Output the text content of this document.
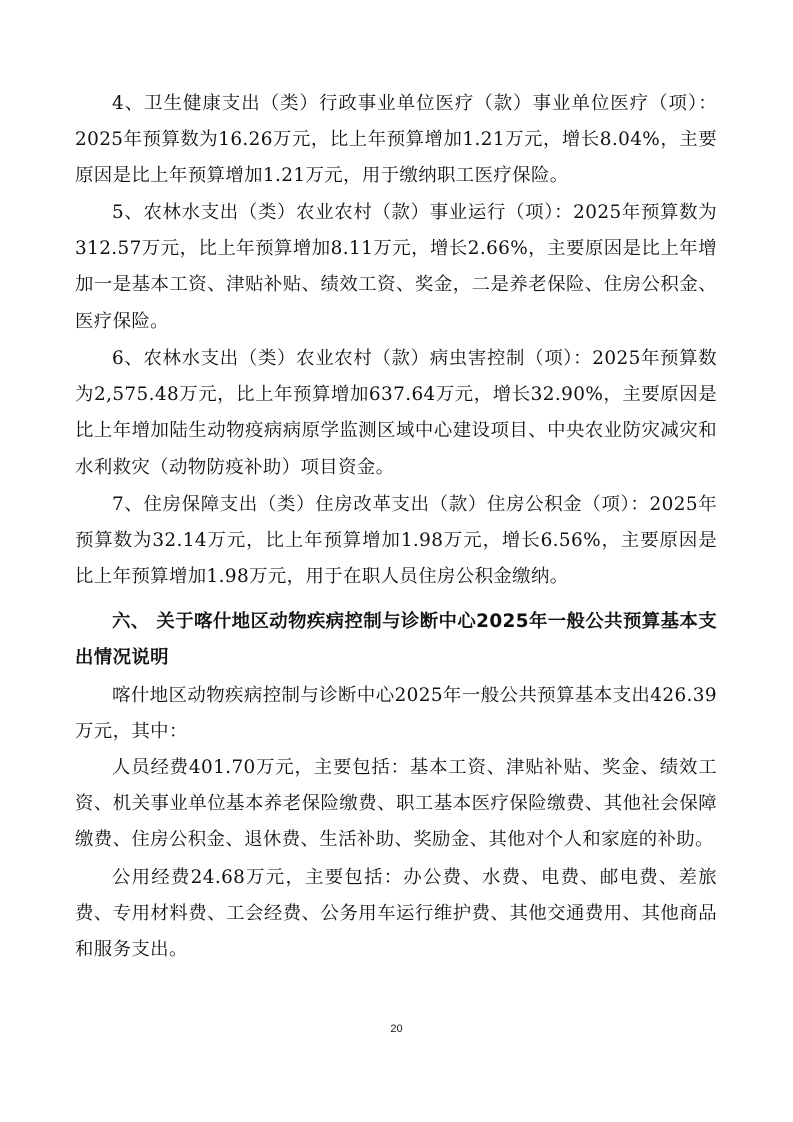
4、卫生健康支出（类）行政事业单位医疗（款）事业单位医疗（项）：2025年预算数为16.26万元，比上年预算增加1.21万元，增长8.04%，主要原因是比上年预算增加1.21万元，用于缴纳职工医疗保险。

5、农林水支出（类）农业农村（款）事业运行（项）：2025年预算数为312.57万元，比上年预算增加8.11万元，增长2.66%，主要原因是比上年增加一是基本工资、津贴补贴、绩效工资、奖金，二是养老保险、住房公积金、医疗保险。

6、农林水支出（类）农业农村（款）病虫害控制（项）：2025年预算数为2,575.48万元，比上年预算增加637.64万元，增长32.90%，主要原因是比上年增加陆生动物疫病病原学监测区域中心建设项目、中央农业防灾减灾和水利救灾（动物防疫补助）项目资金。

7、住房保障支出（类）住房改革支出（款）住房公积金（项）：2025年预算数为32.14万元，比上年预算增加1.98万元，增长6.56%，主要原因是比上年预算增加1.98万元，用于在职人员住房公积金缴纳。

六、 关于喀什地区动物疾病控制与诊断中心2025年一般公共预算基本支出情况说明

喀什地区动物疾病控制与诊断中心2025年一般公共预算基本支出426.39万元，其中：

人员经费401.70万元，主要包括：基本工资、津贴补贴、奖金、绩效工资、机关事业单位基本养老保险缴费、职工基本医疗保险缴费、其他社会保障缴费、住房公积金、退休费、生活补助、奖励金、其他对个人和家庭的补助。

公用经费24.68万元，主要包括：办公费、水费、电费、邮电费、差旅费、专用材料费、工会经费、公务用车运行维护费、其他交通费用、其他商品和服务支出。

20
